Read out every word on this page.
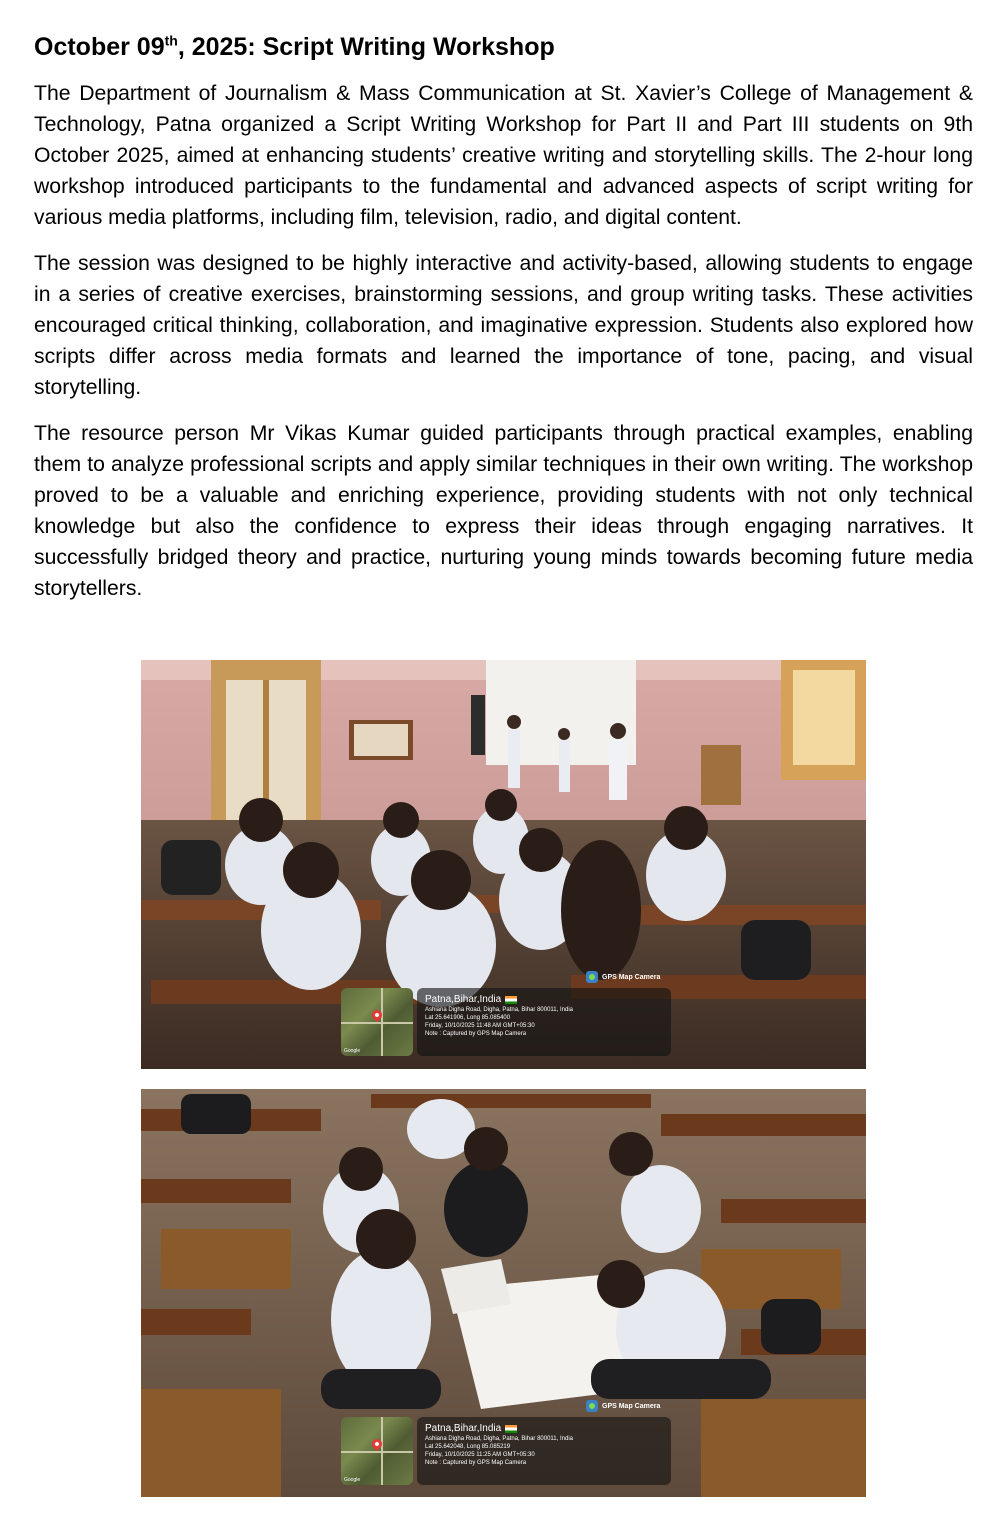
October 09th, 2025: Script Writing Workshop

The Department of Journalism & Mass Communication at St. Xavier’s College of Management & Technology, Patna organized a Script Writing Workshop for Part II and Part III students on 9th October 2025, aimed at enhancing students’ creative writing and storytelling skills. The 2-hour long workshop introduced participants to the fundamental and advanced aspects of script writing for various media platforms, including film, television, radio, and digital content.

The session was designed to be highly interactive and activity-based, allowing students to engage in a series of creative exercises, brainstorming sessions, and group writing tasks. These activities encouraged critical thinking, collaboration, and imaginative expression. Students also explored how scripts differ across media formats and learned the importance of tone, pacing, and visual storytelling.

The resource person Mr Vikas Kumar guided participants through practical examples, enabling them to analyze professional scripts and apply similar techniques in their own writing. The workshop proved to be a valuable and enriching experience, providing students with not only technical knowledge but also the confidence to express their ideas through engaging narratives. It successfully bridged theory and practice, nurturing young minds towards becoming future media storytellers.

GPS Map Camera
Google
Patna,Bihar,India
Ashiana Digha Road, Digha, Patna, Bihar 800011, India
Lat 25.641906, Long 85.085400
Friday, 10/10/2025 11:48 AM GMT+05:30
Note : Captured by GPS Map Camera
GPS Map Camera
Google
Patna,Bihar,India
Ashiana Digha Road, Digha, Patna, Bihar 800011, India
Lat 25.642048, Long 85.085219
Friday, 10/10/2025 11:25 AM GMT+05:30
Note : Captured by GPS Map Camera
